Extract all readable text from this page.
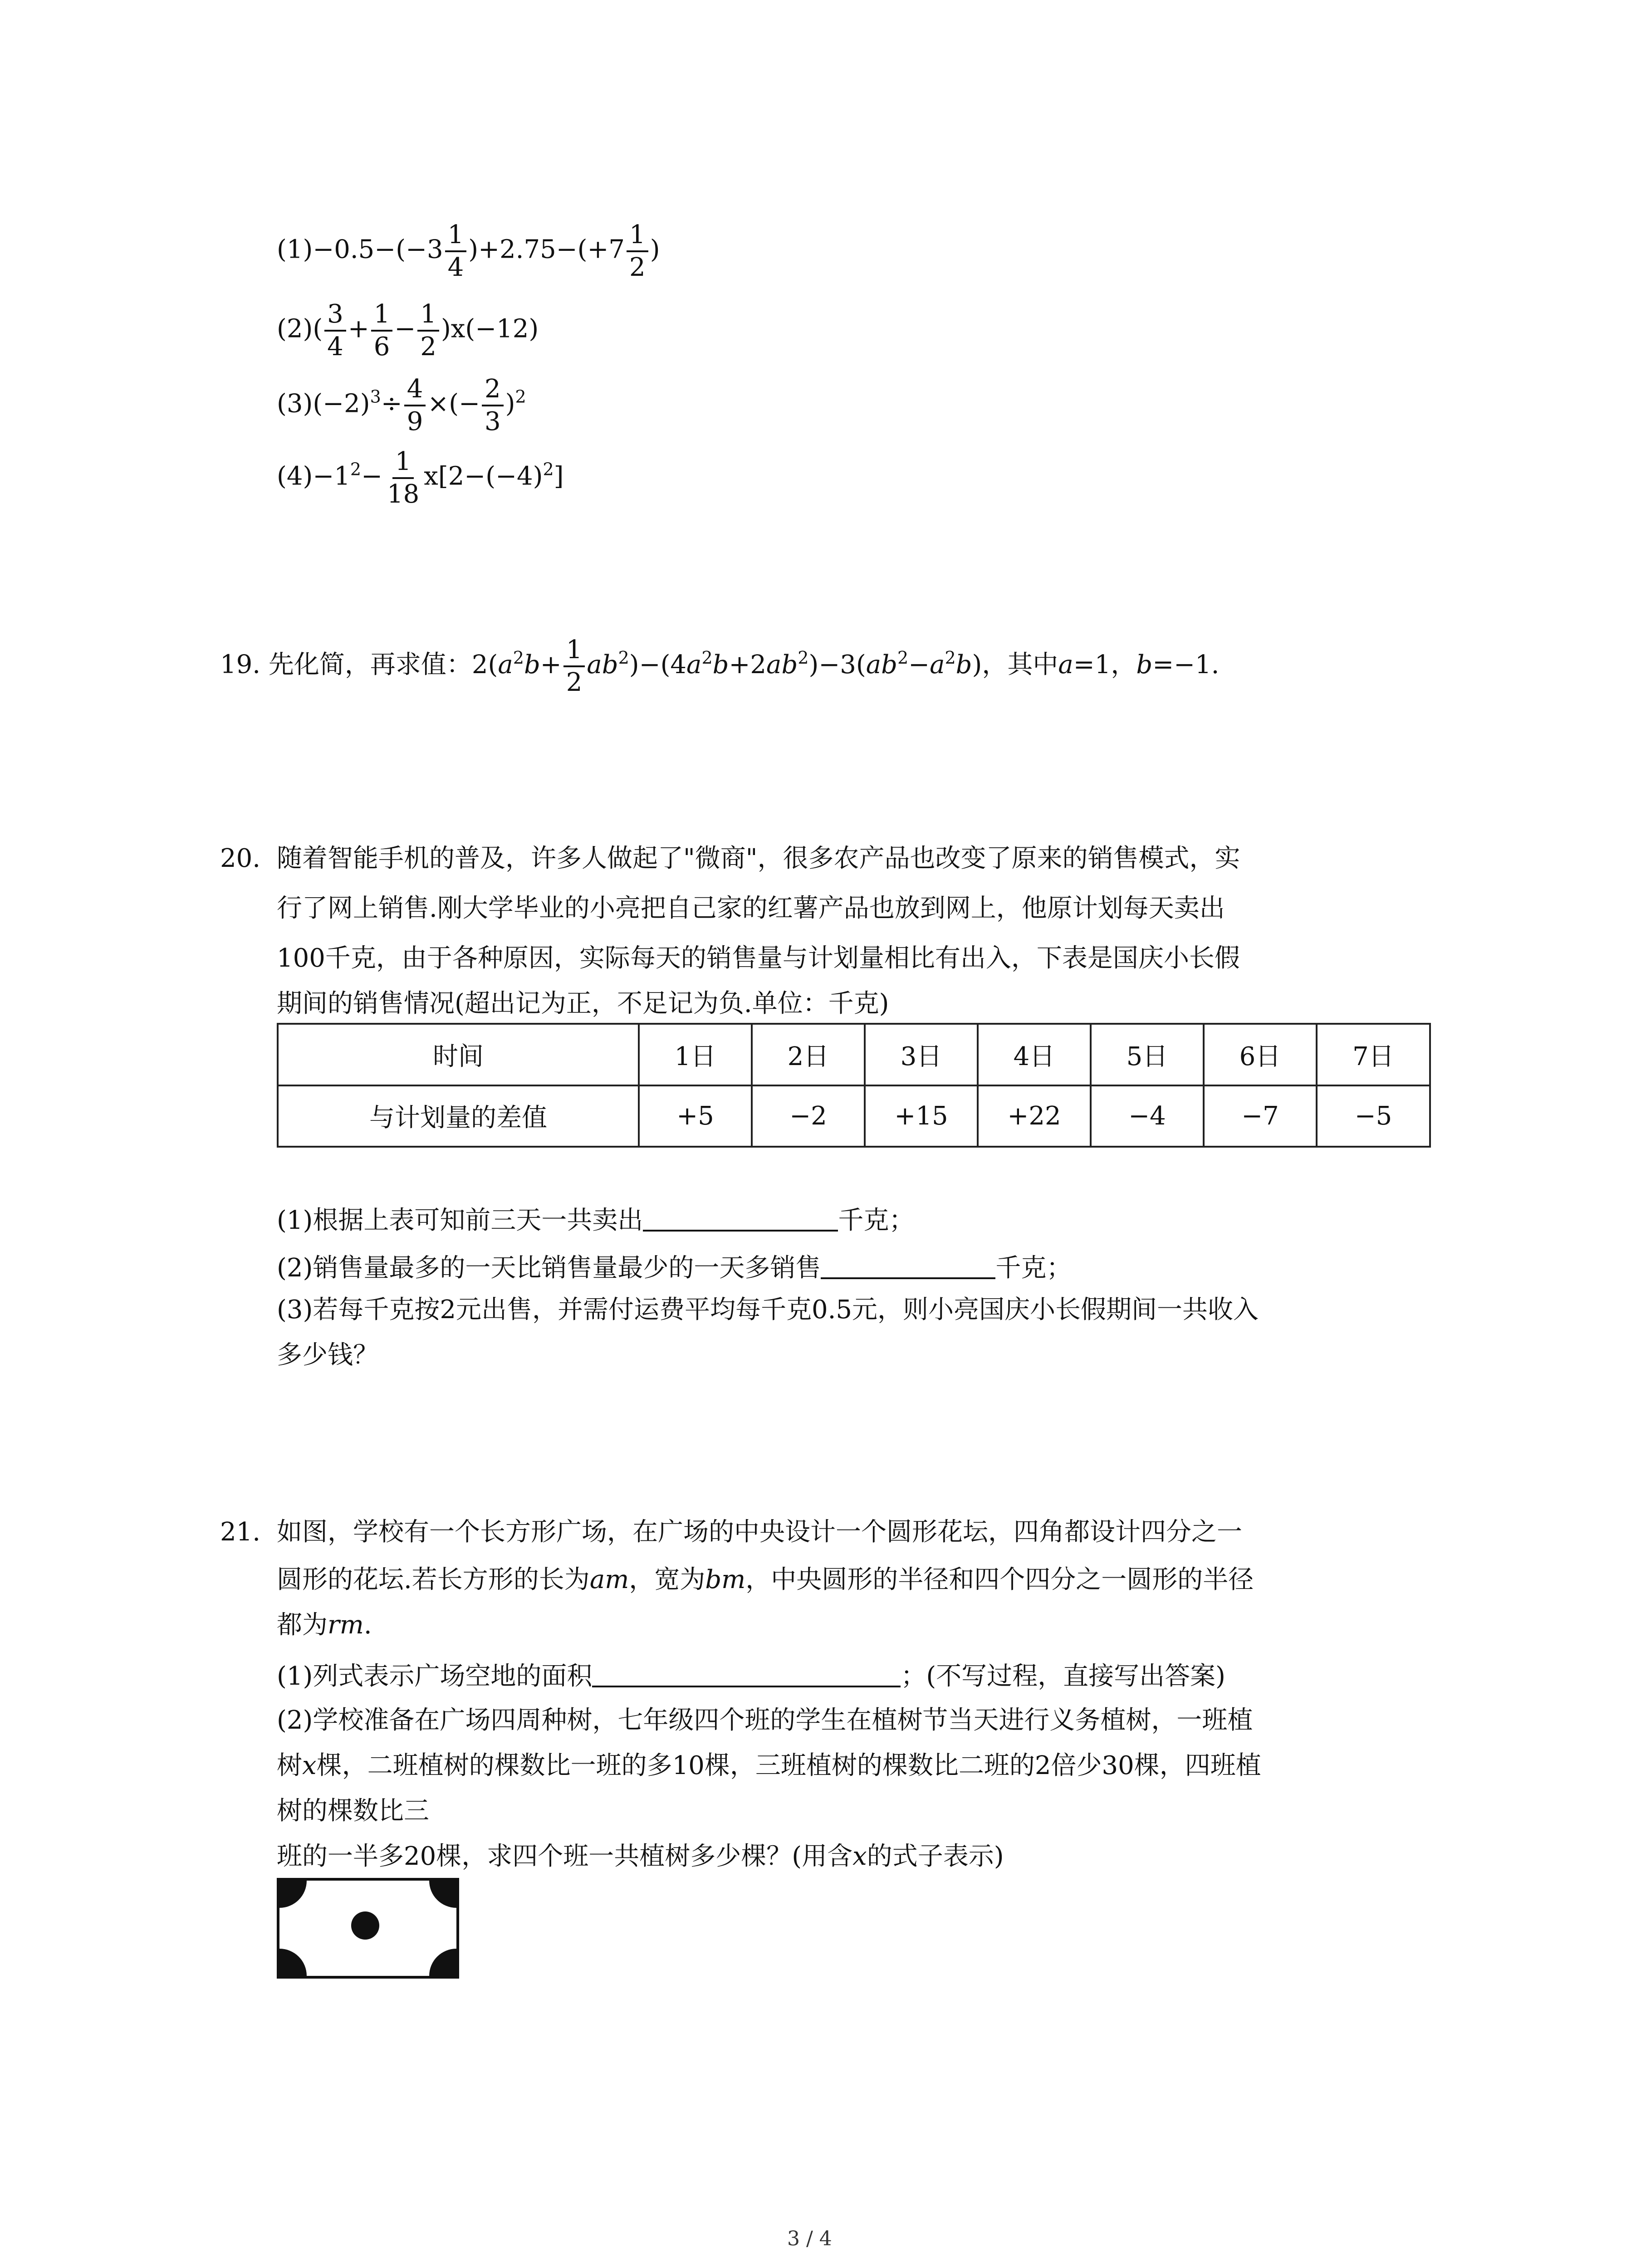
$(1)-0.5-(-3 \frac{1}{4} )+2.75-(+7 \frac{1}{2}$ )
$(2)( \frac{3}{4} + \frac{1}{6} - \frac{1}{2} )x(-12)$
$(3)(-2)^3\div \frac{4}{9}$ ×(− $\frac{2}{3} )^2$
$(4)-1^2- \frac{1}{18} x[2-(-4)^2]$
19. 先化简，再求值：$2(a^2b+ \frac{1}{2} ab^2)-(4a^2b+2ab^2)-3(ab^2-a^2b)$，其中a=1，b=−1.
20. 随着智能手机的普及，许多人做起了"微商"，很多农产品也改变了原来的销售模式，实
行了网上销售.刚大学毕业的小亮把自己家的红薯产品也放到网上，他原计划每天卖出
100千克，由于各种原因，实际每天的销售量与计划量相比有出入，下表是国庆小长假
期间的销售情况(超出记为正，不足记为负.单位：千克)
时间	1日	2日	3日	4日	5日	6日	7日
与计划量的差值	+5	−2	+15	+22	−4	−7	−5
(1)根据上表可知前三天一共卖出	千克；
(2)销售量最多的一天比销售量最少的一天多销售	千克；
(3)若每千克按2元出售，并需付运费平均每千克0.5元，则小亮国庆小长假期间一共收入
多少钱？
21. 如图，学校有一个长方形广场，在广场的中央设计一个圆形花坛，四角都设计四分之一
圆形的花坛.若长方形的长为am，宽为bm，中央圆形的半径和四个四分之一圆形的半径
都为rm.
(1)列式表示广场空地的面积	；(不写过程，直接写出答案)
(2)学校准备在广场四周种树，七年级四个班的学生在植树节当天进行义务植树，一班植
树x棵，二班植树的棵数比一班的多10棵，三班植树的棵数比二班的2倍少30棵，四班植
树的棵数比三
班的一半多20棵，求四个班一共植树多少棵？(用含x的式子表示)
3 / 4
